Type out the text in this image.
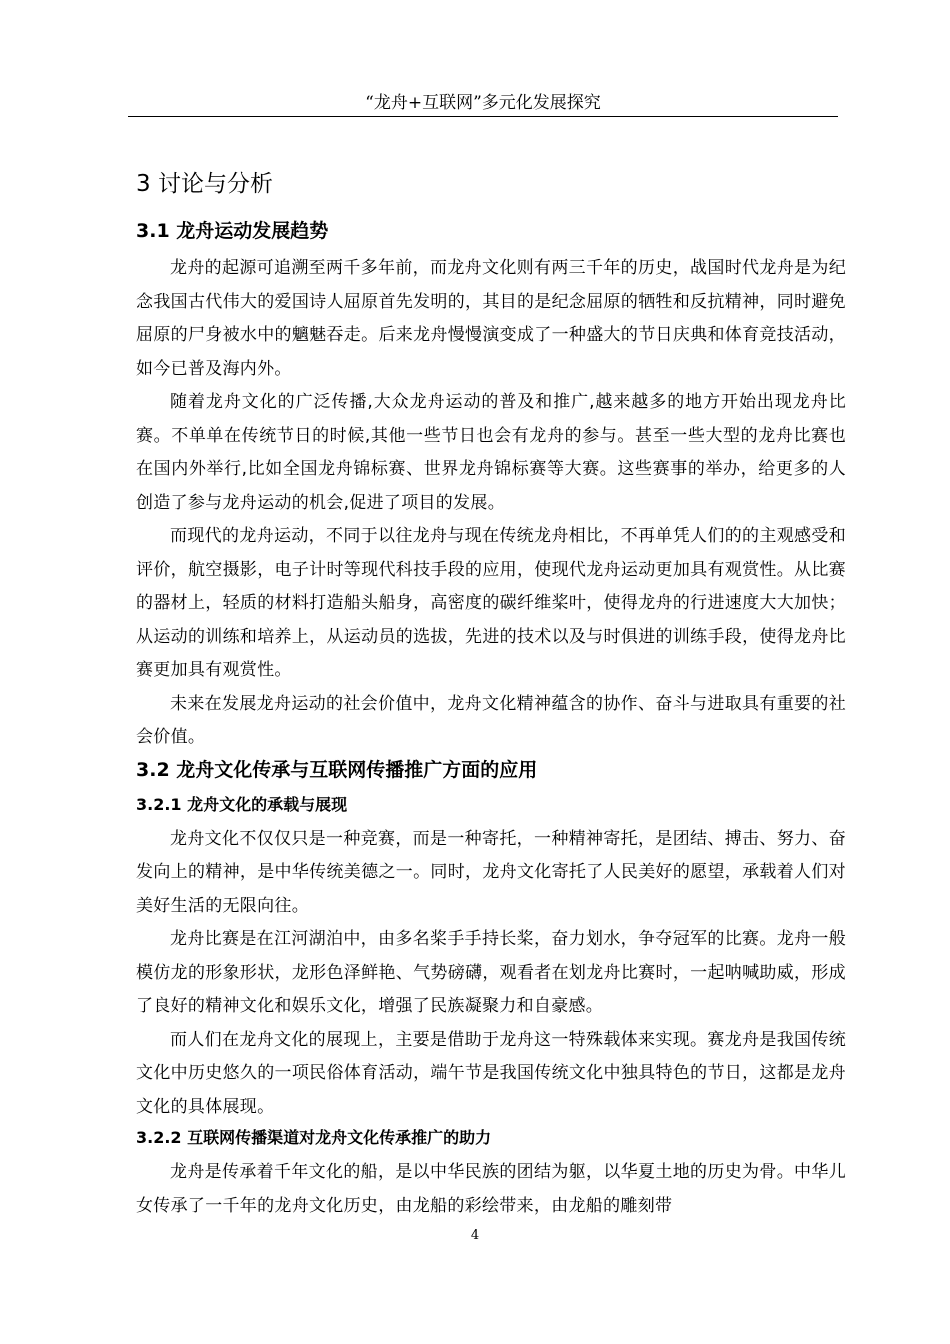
“龙舟+互联网”多元化发展探究
3 讨论与分析
3.1 龙舟运动发展趋势

龙舟的起源可追溯至两千多年前，而龙舟文化则有两三千年的历史，战国时代龙舟是为纪念我国古代伟大的爱国诗人屈原首先发明的，其目的是纪念屈原的牺牲和反抗精神，同时避免屈原的尸身被水中的魑魅吞走。后来龙舟慢慢演变成了一种盛大的节日庆典和体育竞技活动，如今已普及海内外。

随着龙舟文化的广泛传播,大众龙舟运动的普及和推广,越来越多的地方开始出现龙舟比赛。不单单在传统节日的时候,其他一些节日也会有龙舟的参与。甚至一些大型的龙舟比赛也在国内外举行,比如全国龙舟锦标赛、世界龙舟锦标赛等大赛。这些赛事的举办，给更多的人创造了参与龙舟运动的机会,促进了项目的发展。

而现代的龙舟运动，不同于以往龙舟与现在传统龙舟相比，不再单凭人们的的主观感受和评价，航空摄影，电子计时等现代科技手段的应用，使现代龙舟运动更加具有观赏性。从比赛的器材上，轻质的材料打造船头船身，高密度的碳纤维桨叶，使得龙舟的行进速度大大加快；从运动的训练和培养上，从运动员的选拔，先进的技术以及与时俱进的训练手段，使得龙舟比赛更加具有观赏性。

未来在发展龙舟运动的社会价值中，龙舟文化精神蕴含的协作、奋斗与进取具有重要的社会价值。

3.2 龙舟文化传承与互联网传播推广方面的应用
3.2.1 龙舟文化的承载与展现

龙舟文化不仅仅只是一种竞赛，而是一种寄托，一种精神寄托，是团结、搏击、努力、奋发向上的精神，是中华传统美德之一。同时，龙舟文化寄托了人民美好的愿望，承载着人们对美好生活的无限向往。

龙舟比赛是在江河湖泊中，由多名桨手手持长桨，奋力划水，争夺冠军的比赛。龙舟一般模仿龙的形象形状，龙形色泽鲜艳、气势磅礴，观看者在划龙舟比赛时，一起呐喊助威，形成了良好的精神文化和娱乐文化，增强了民族凝聚力和自豪感。

而人们在龙舟文化的展现上，主要是借助于龙舟这一特殊载体来实现。赛龙舟是我国传统文化中历史悠久的一项民俗体育活动，端午节是我国传统文化中独具特色的节日，这都是龙舟文化的具体展现。

3.2.2 互联网传播渠道对龙舟文化传承推广的助力

龙舟是传承着千年文化的船，是以中华民族的团结为躯，以华夏土地的历史为骨。中华儿女传承了一千年的龙舟文化历史，由龙船的彩绘带来，由龙船的雕刻带

4
